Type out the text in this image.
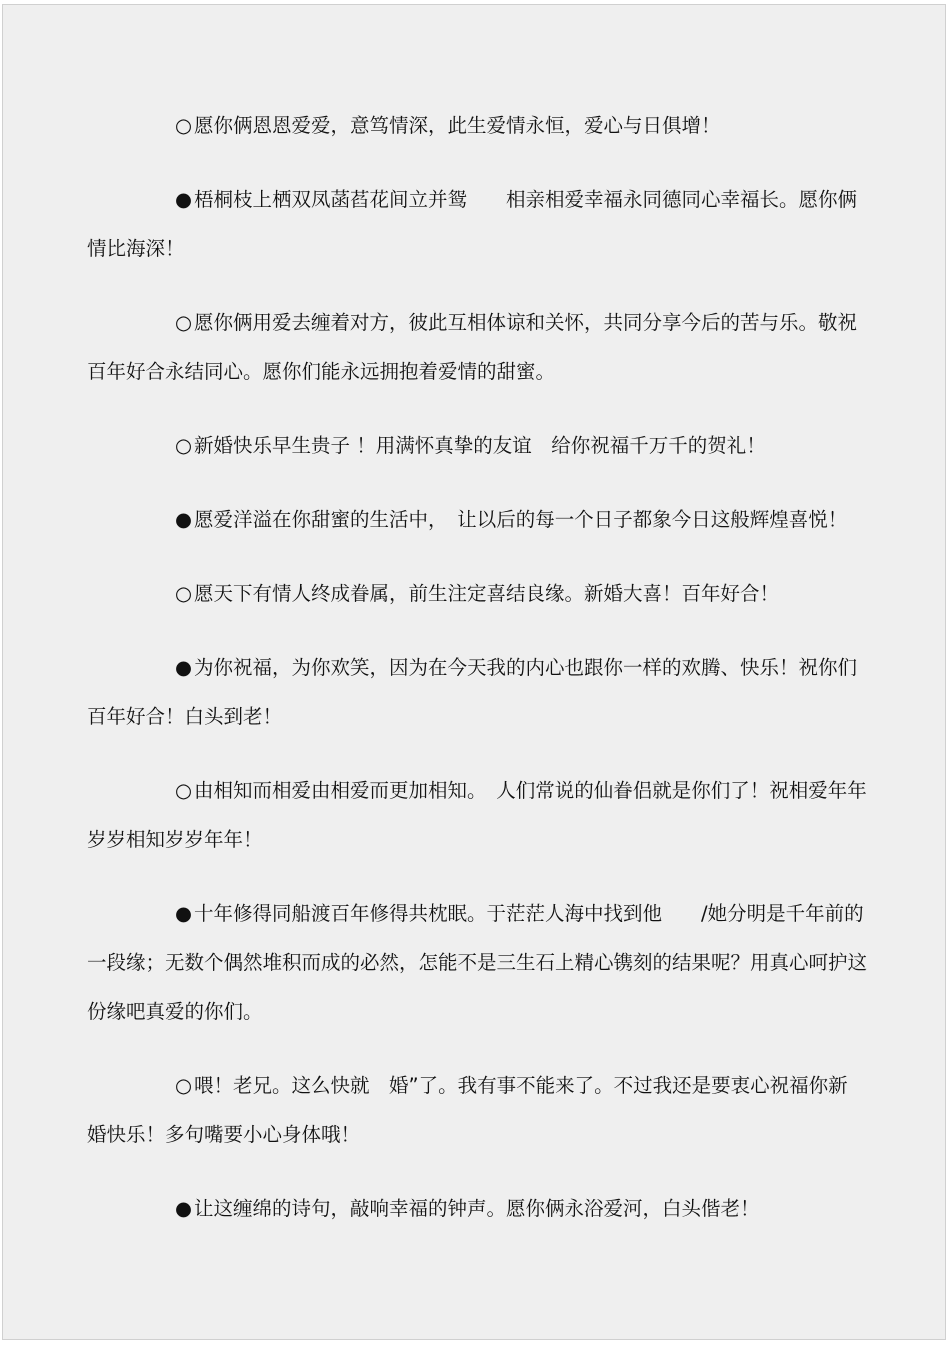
○ 愿你俩恩恩爱爱，意笃情深，此生爱情永恒，爱心与日俱增！

● 梧桐枝上栖双凤菡萏花间立并鸳　　相亲相爱幸福永同德同心幸福长。愿你俩情比海深！

○ 愿你俩用爱去缠着对方，彼此互相体谅和关怀，共同分享今后的苦与乐。敬祝百年好合永结同心。愿你们能永远拥抱着爱情的甜蜜。

○ 新婚快乐早生贵子 ！用满怀真挚的友谊　给你祝福千万千的贺礼！

● 愿爱洋溢在你甜蜜的生活中，　让以后的每一个日子都象今日这般辉煌喜悦！

○ 愿天下有情人终成眷属，前生注定喜结良缘。新婚大喜！百年好合！

● 为你祝福，为你欢笑，因为在今天我的内心也跟你一样的欢腾、快乐！祝你们百年好合！白头到老！

○ 由相知而相爱由相爱而更加相知。　人们常说的仙眷侣就是你们了！祝相爱年年岁岁相知岁岁年年！

● 十年修得同船渡百年修得共枕眠。于茫茫人海中找到他　　/她分明是千年前的一段缘；无数个偶然堆积而成的必然，怎能不是三生石上精心镌刻的结果呢？用真心呵护这份缘吧真爱的你们。

○ 喂！老兄。这么快就　婚”了。我有事不能来了。不过我还是要衷心祝福你新婚快乐！多句嘴要小心身体哦！

● 让这缠绵的诗句，敲响幸福的钟声。愿你俩永浴爱河，白头偕老！
